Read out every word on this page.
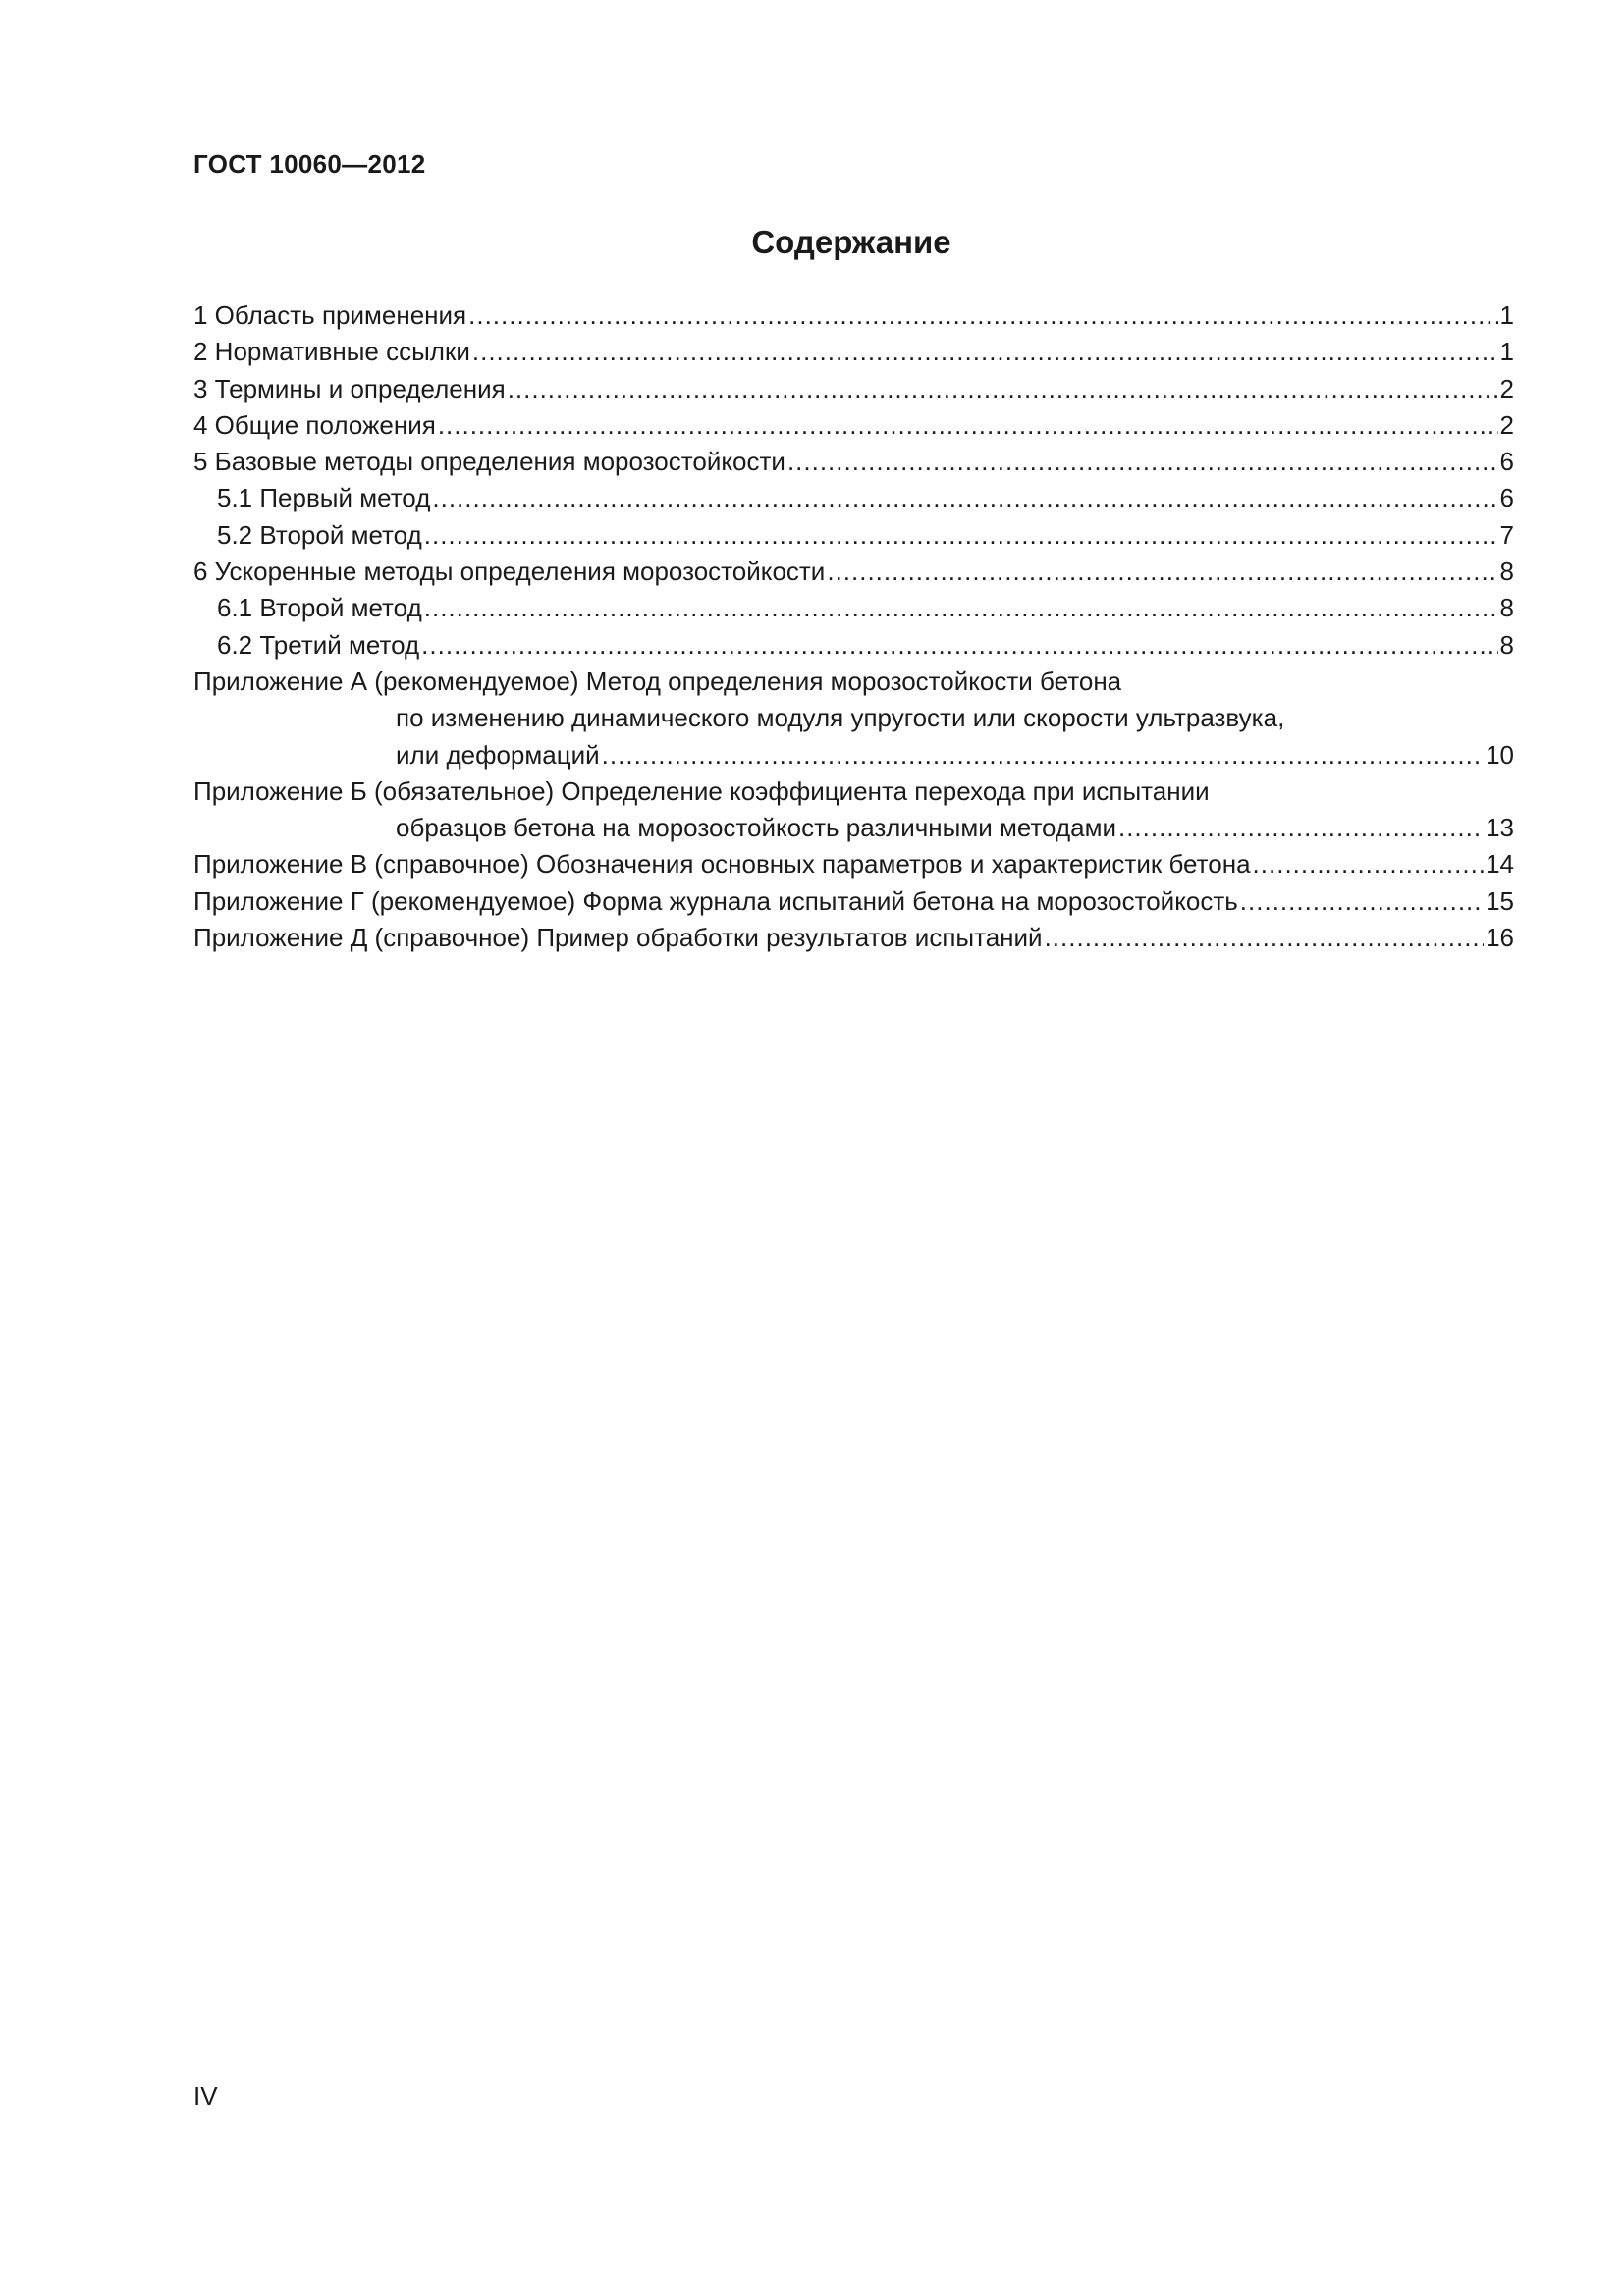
ГОСТ 10060—2012
Содержание
1 Область применения .....	1
2 Нормативные ссылки .....	1
3 Термины и определения .....	2
4 Общие положения .....	2
5 Базовые методы определения морозостойкости .....	6
5.1 Первый метод .....	6
5.2 Второй метод .....	7
6 Ускоренные методы определения морозостойкости .....	8
6.1 Второй метод .....	8
6.2 Третий метод .....	8
Приложение А (рекомендуемое) Метод определения морозостойкости бетона
по изменению динамического модуля упругости или скорости ультразвука,
или деформаций .....	10
Приложение Б (обязательное) Определение коэффициента перехода при испытании
образцов бетона на морозостойкость различными методами .....	13
Приложение В (справочное) Обозначения основных параметров и характеристик бетона .....	14
Приложение Г (рекомендуемое) Форма журнала испытаний бетона на морозостойкость .....	15
Приложение Д (справочное) Пример обработки результатов испытаний .....	16
IV
